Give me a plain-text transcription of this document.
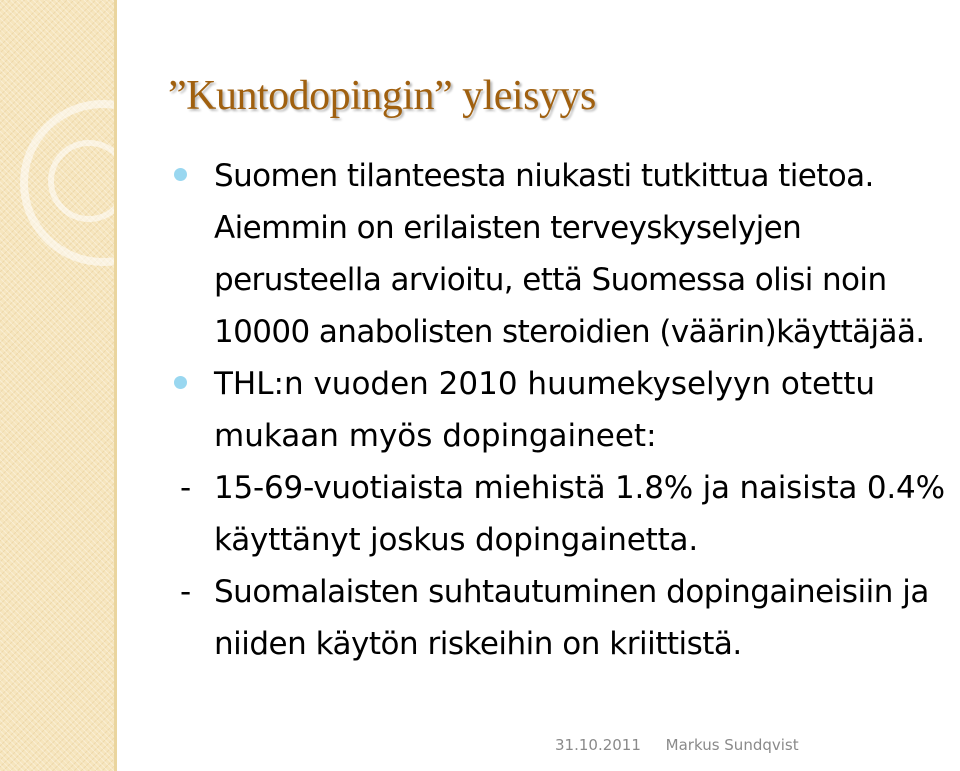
”Kuntodopingin” yleisyys

Suomen tilanteesta niukasti tutkittua tietoa. Aiemmin on erilaisten terveyskyselyjen perusteella arvioitu, että Suomessa olisi noin 10000 anabolisten steroidien (väärin)käyttäjää.

THL:n vuoden 2010 huumekyselyyn otettu mukaan myös dopingaineet:

- 15-69-vuotiaista miehistä 1.8% ja naisista 0.4% käyttänyt joskus dopingainetta.

- Suomalaisten suhtautuminen dopingaineisiin ja niiden käytön riskeihin on kriittistä.

31.10.2011 Markus Sundqvist
